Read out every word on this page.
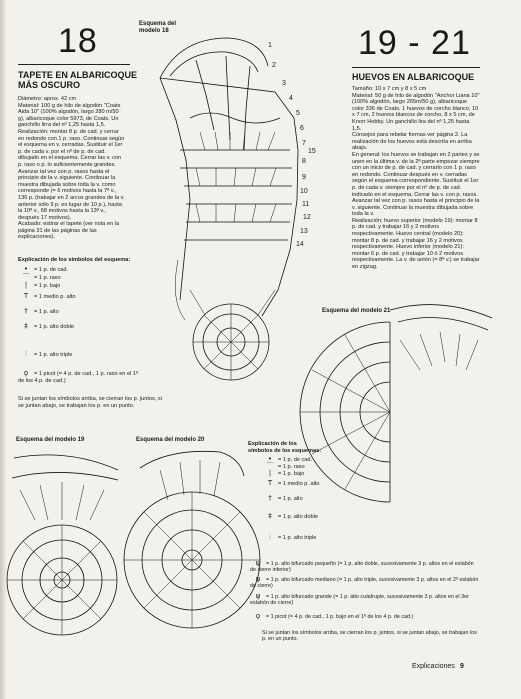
18
TAPETE EN ALBARICOQUE
MÁS OSCURO
Diámetro: aprox. 42 cm
Material: 100 g de hilo de algodón "Coats Aida 10" (100% algodón, largo 280 m/50 g), albaricoque color 5973, de Coats. Un ganchillo lirra del nº 1,25 hasta 1,5.
Realización: montar 8 p. de cad. y cerrar en redondo con 1 p. raso. Continuar según el esquema en v. cerradas. Sustituir el 1er p. de cada v. por el nº de p. de cad. dibujado en el esquema. Cerrar las v. con p. raso o p. lo suficientemente grandes. Avanzar tal vez con p. rasos hasta el principio de la v. siguiente. Continuar la muestra dibujada sobre toda la v. como corresponde (= 6 motivos hasta la 7ª v., 136 p. (trabajar en 2 arcos grandes de la v. anterior sólo 9 p. en lugar de 10 p.), hasta la 10ª v., 68 motivos hasta la 13ª v., después 17 motivos).
Acabado: estirar el tapete (ver nota en la página 31 de las páginas de las explicaciones).
Explicación de los símbolos del esquema:
• = 1 p. de cad.
⌒ = 1 p. raso
∣ = 1 p. bajo
T = 1 medio p. alto
† = 1 p. alto
‡ = 1 p. alto doble
⫶ = 1 p. alto triple
ϙ = 1 picot (= 4 p. de cad., 1 p. raso en el 1º de los 4 p. de cad.)
Si se juntan los símbolos arriba, se cierran los p. juntos, si se juntan abajo, se trabajan los p. en un punto.
Esquema del
modelo 18
1
2
3
4
5
6
7
8
9
10
11
12
13
14
15
Esquema del modelo 19	Esquema del modelo 20
19 - 21
HUEVOS EN ALBARICOQUE
Tamaño: 10 x 7 cm y 8 x 5 cm
Material: 50 g de hilo de algodón "Anchor Liana 10" (100% algodón, largo 265m/50 g), albaricoque color 336 de Coats. 1 huevos de corcho blanco, 10 x 7 cm, 2 huevos blancos de corcho, 8 x 5 cm, de Knorr Hobby. Un ganchillo lira del nº 1,25 hasta 1,5.
Consejos para rebelar formas ver página 2. La realización de los huevos está descrita en arriba abajo.
En general: los huevos se trabajan en 2 partes y se unen en la última v. de la 2ª parte empezar siempre con un inicio de p. de cad. y cerrarlo con 1 p. raso en redondo. Continuar después en v. cerradas según el esquema correspondiente. Sustituir el 1er p. de cada v. siempre por el nº de p. de cad. indicado en el esquema. Cerrar las v. con p. rasos. Avanzar tal vez con p. rasos hasta el principio de la v. siguiente. Continuar la muestra dibujada sobre toda la v.
Realización: huevo superior (modelo 19): montar 8 p. de cad. y trabajar 16 y 2 motivos respectivamente. Huevo central (modelo 20): montar 8 p. de cad. y trabajar 16 y 2 motivos respectivamente. Huevo inferior (modelo 21): montar 6 p. de cad. y trabajar 10 ó 2 motivos respectivamente. La v. de unión (= 8ª v.) se trabajar en zigzag.
Esquema del modelo 21
Explicación de los
símbolos de los esquemas:
• = 1 p. de cad.
⌒ = 1 p. raso
∣ = 1 p. bajo
T = 1 medio p. alto
† = 1 p. alto
‡ = 1 p. alto doble
⫶ = 1 p. alto triple
ψ = 1 p. alto bifurcado pequeño (= 1 p. alto doble, sucesivamente 3 p. altos en el eslabón de cierre inferior)
ψ = 1 p. alto bifurcado mediano (= 1 p. alto triple, sucesivamente 3 p. altos en el 2º eslabón de cierre)
ψ = 1 p. alto bifurcado grande (= 1 p. alto cuádruple, sucesivamente 3 p. altos en el 3er eslabón de cierre)
ϙ = 1 picot (= 4 p. de cad., 1 p. bajo en el 1º de los 4 p. de cad.)
Si se juntan los símbolos arriba, se cierran los p. juntos, si se juntan abajo, se trabajan los p. en un punto.
Explicaciones 9
